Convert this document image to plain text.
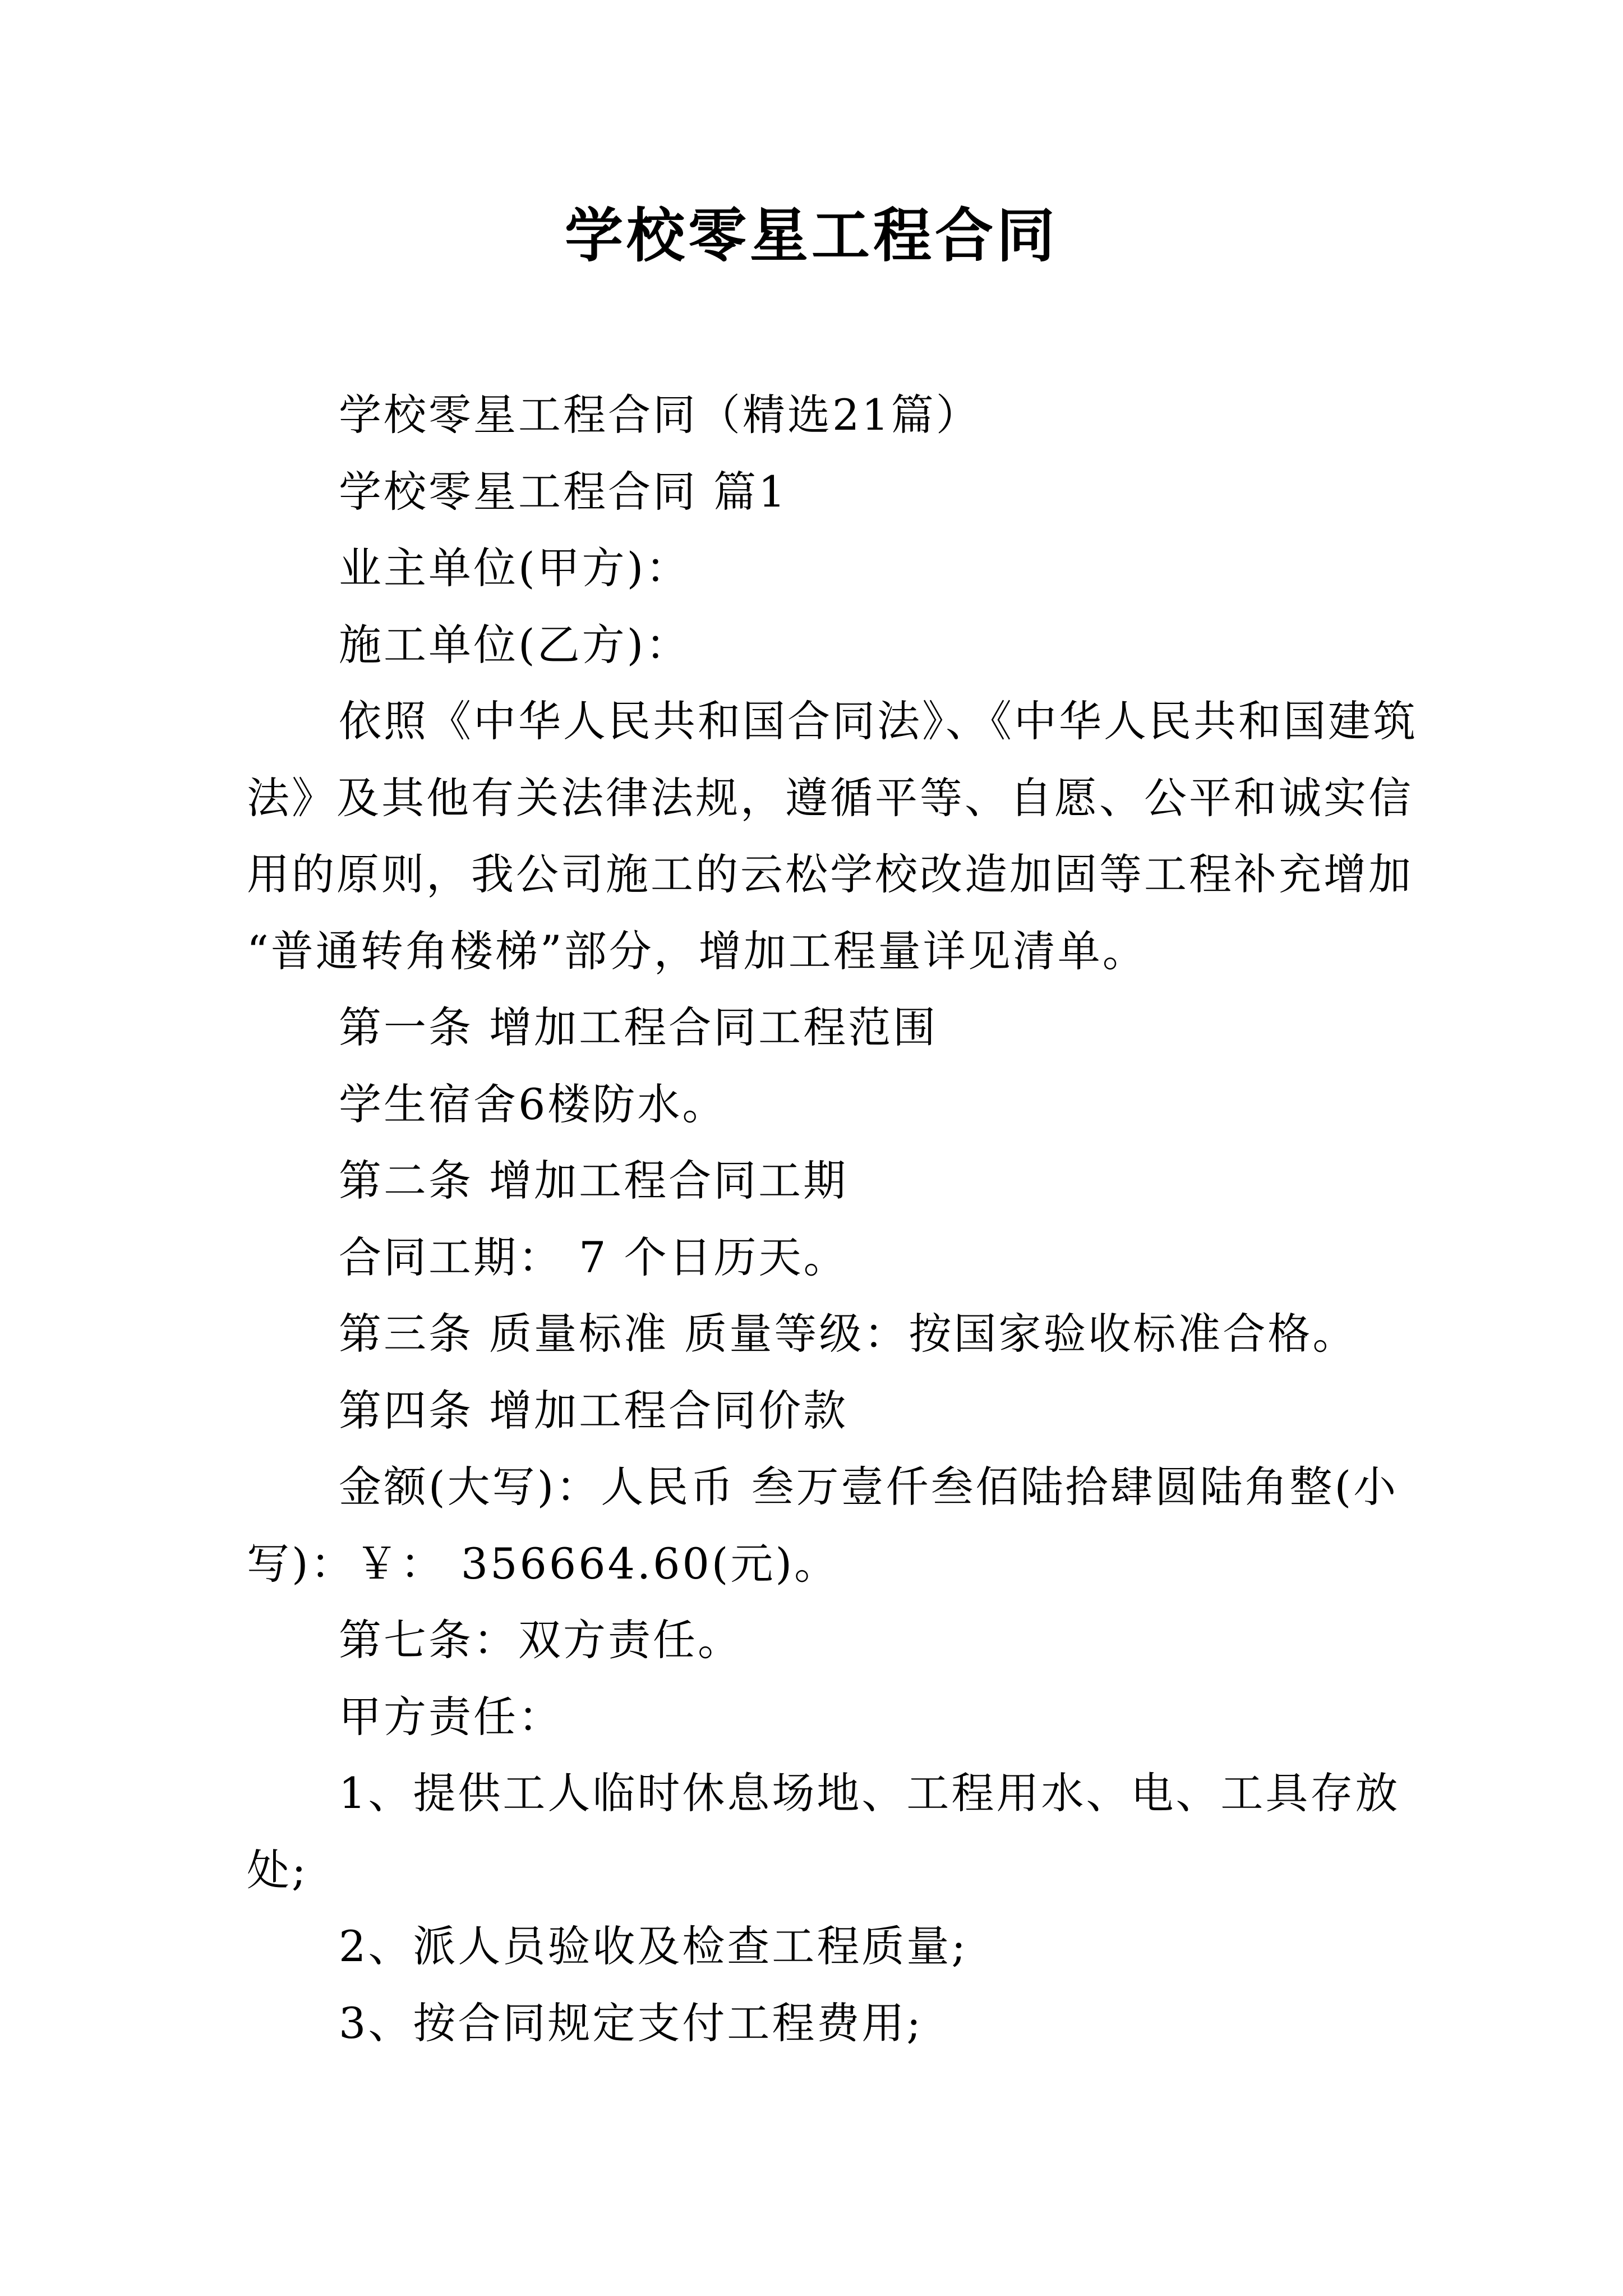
学校零星工程合同
学校零星工程合同（精选21篇）
学校零星工程合同 篇1
业主单位(甲方)：
施工单位(乙方)：
依照《中华人民共和国合同法》、《中华人民共和国建筑
法》及其他有关法律法规，遵循平等、自愿、公平和诚实信
用的原则，我公司施工的云松学校改造加固等工程补充增加
“普通转角楼梯”部分，增加工程量详见清单。
第一条 增加工程合同工程范围
学生宿舍6楼防水。
第二条 增加工程合同工期
合同工期： 7 个日历天。
第三条 质量标准 质量等级：按国家验收标准合格。
第四条 增加工程合同价款
金额(大写)：人民币 叁万壹仟叁佰陆拾肆圆陆角整(小
写)：￥： 356664.60(元)。
第七条：双方责任。
甲方责任：
1、提供工人临时休息场地、工程用水、电、工具存放
处;
2、派人员验收及检查工程质量;
3、按合同规定支付工程费用;
